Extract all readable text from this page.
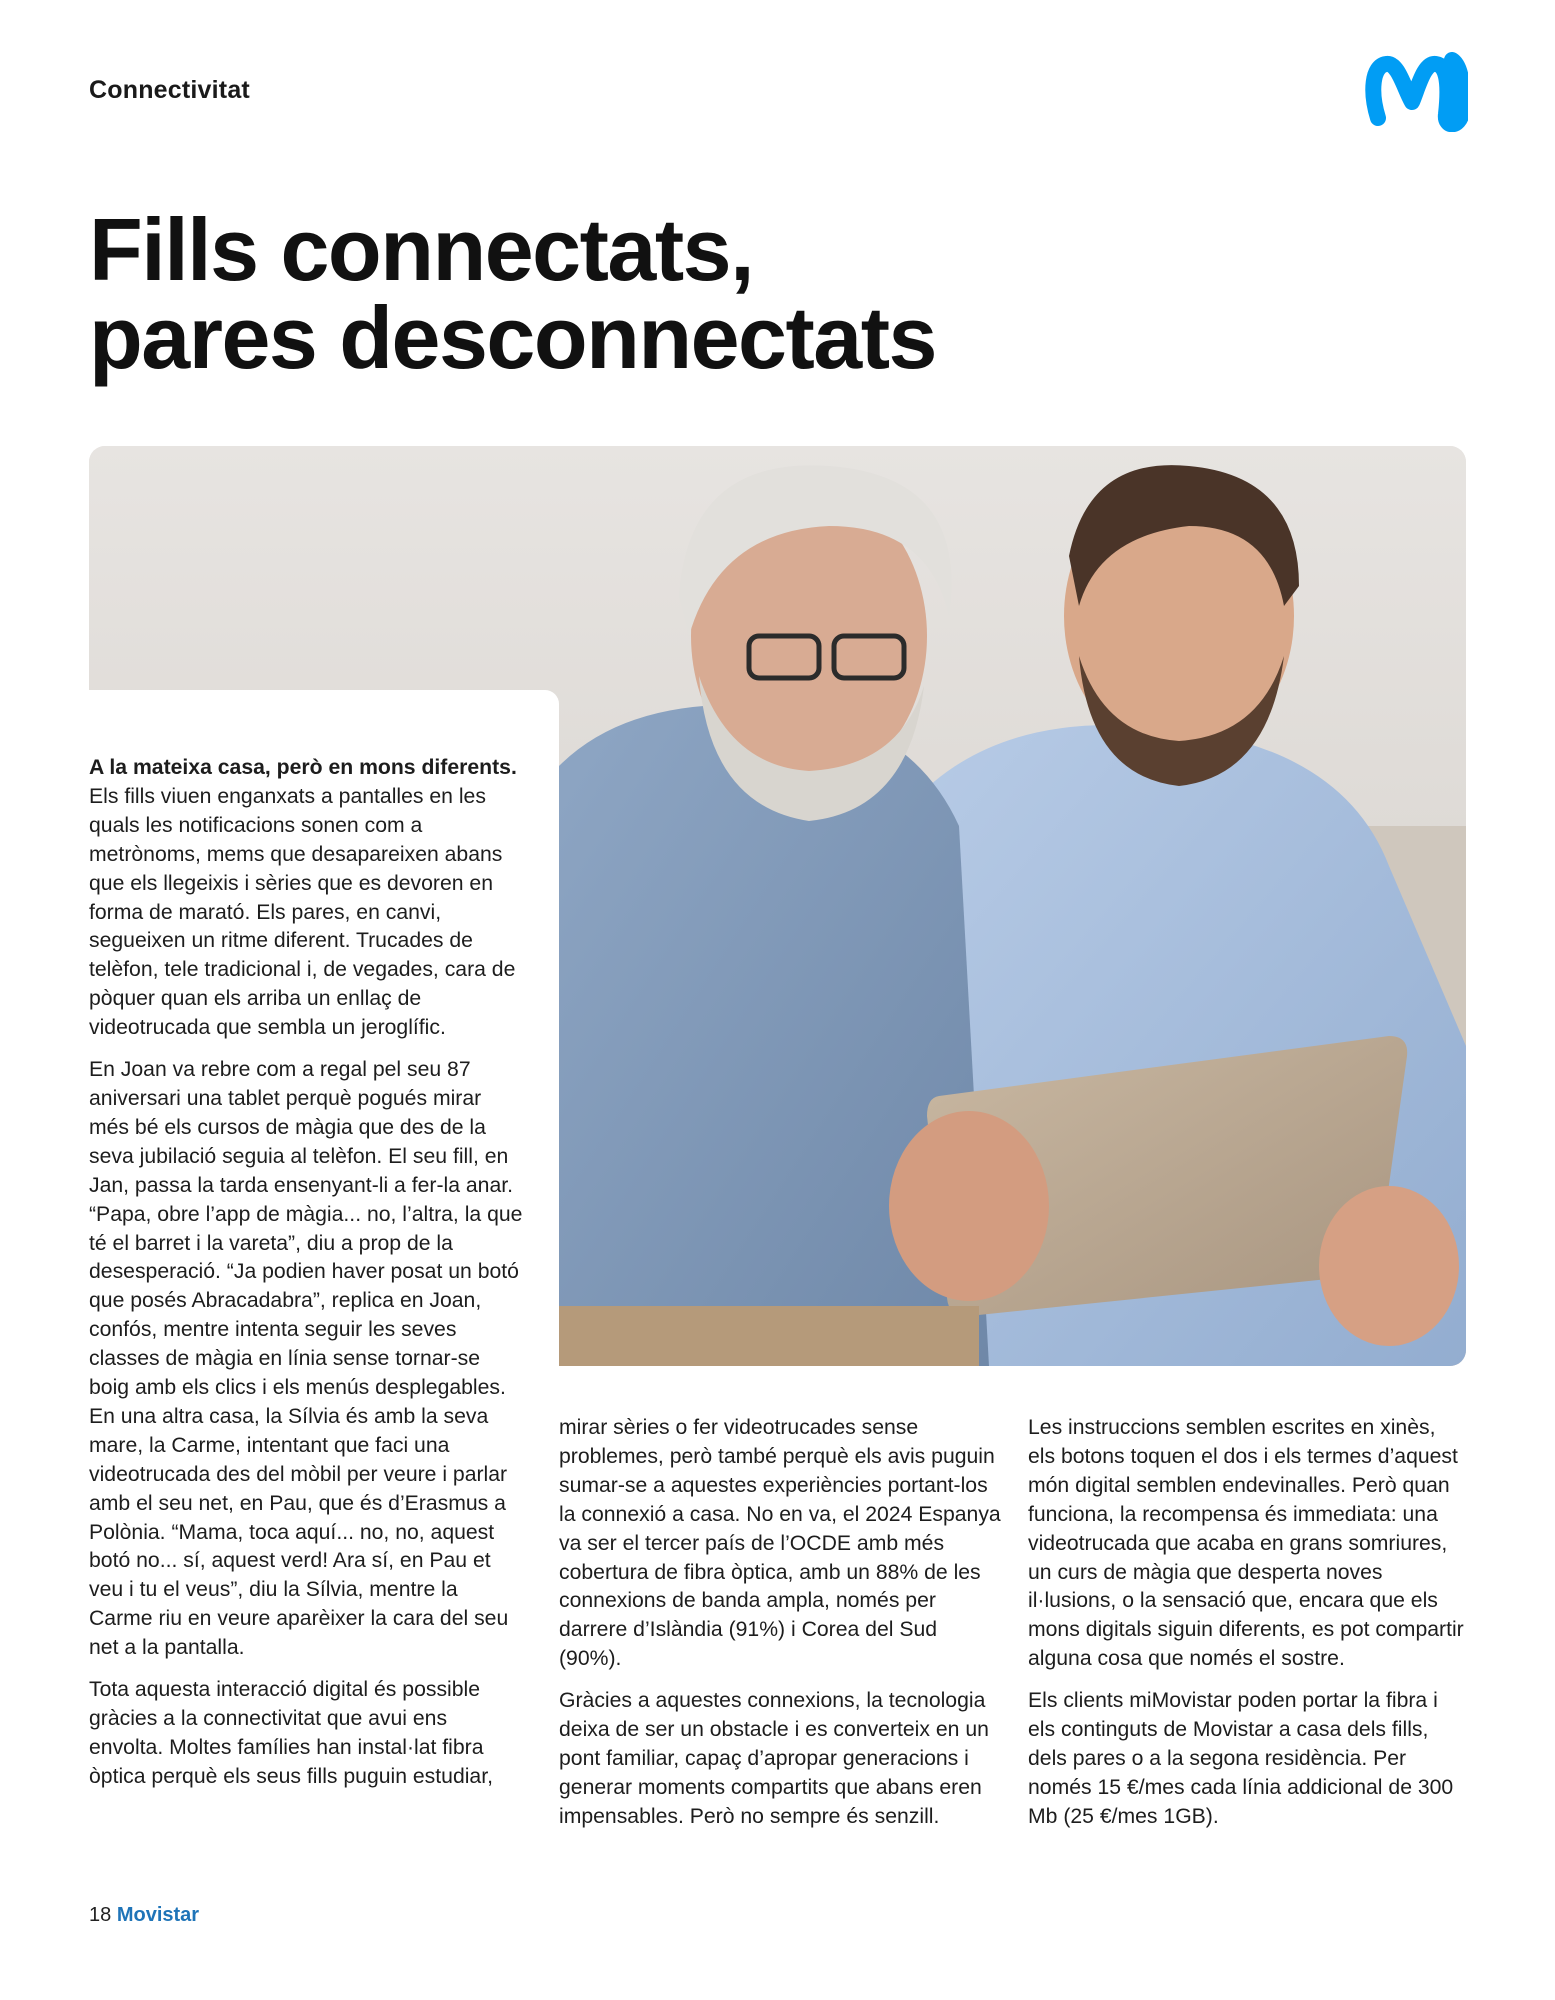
Connectivitat
Fills connectats,
pares desconnectats

A la mateixa casa, però en mons diferents. Els fills viuen enganxats a pantalles en les quals les notificacions sonen com a metrònoms, mems que desapareixen abans que els llegeixis i sèries que es devoren en forma de marató. Els pares, en canvi, segueixen un ritme diferent. Trucades de telèfon, tele tradicional i, de vegades, cara de pòquer quan els arriba un enllaç de videotrucada que sembla un jeroglífic.

En Joan va rebre com a regal pel seu 87 aniversari una tablet perquè pogués mirar més bé els cursos de màgia que des de la seva jubilació seguia al telèfon. El seu fill, en Jan, passa la tarda ensenyant-li a fer-la anar. “Papa, obre l’app de màgia... no, l’altra, la que té el barret i la vareta”, diu a prop de la desesperació. “Ja podien haver posat un botó que posés Abracadabra”, replica en Joan, confós, mentre intenta seguir les seves classes de màgia en línia sense tornar-se boig amb els clics i els menús desplegables. En una altra casa, la Sílvia és amb la seva mare, la Carme, intentant que faci una videotrucada des del mòbil per veure i parlar amb el seu net, en Pau, que és d’Erasmus a Polònia. “Mama, toca aquí... no, no, aquest botó no... sí, aquest verd! Ara sí, en Pau et veu i tu el veus”, diu la Sílvia, mentre la Carme riu en veure aparèixer la cara del seu net a la pantalla.

Tota aquesta interacció digital és possible gràcies a la connectivitat que avui ens envolta. Moltes famílies han instal·lat fibra òptica perquè els seus fills puguin estudiar,

mirar sèries o fer videotrucades sense problemes, però també perquè els avis puguin sumar-se a aquestes experiències portant-los la connexió a casa. No en va, el 2024 Espanya va ser el tercer país de l’OCDE amb més cobertura de fibra òptica, amb un 88% de les connexions de banda ampla, només per darrere d’Islàndia (91%) i Corea del Sud (90%).

Gràcies a aquestes connexions, la tecnologia deixa de ser un obstacle i es converteix en un pont familiar, capaç d’apropar generacions i generar moments compartits que abans eren impensables. Però no sempre és senzill.

Les instruccions semblen escrites en xinès, els botons toquen el dos i els termes d’aquest món digital semblen endevinalles. Però quan funciona, la recompensa és immediata: una videotrucada que acaba en grans somriures, un curs de màgia que desperta noves il·lusions, o la sensació que, encara que els mons digitals siguin diferents, es pot compartir alguna cosa que només el sostre.

Els clients miMovistar poden portar la fibra i els continguts de Movistar a casa dels fills, dels pares o a la segona residència. Per només 15 €/mes cada línia addicional de 300 Mb (25 €/mes 1GB).

18 Movistar
